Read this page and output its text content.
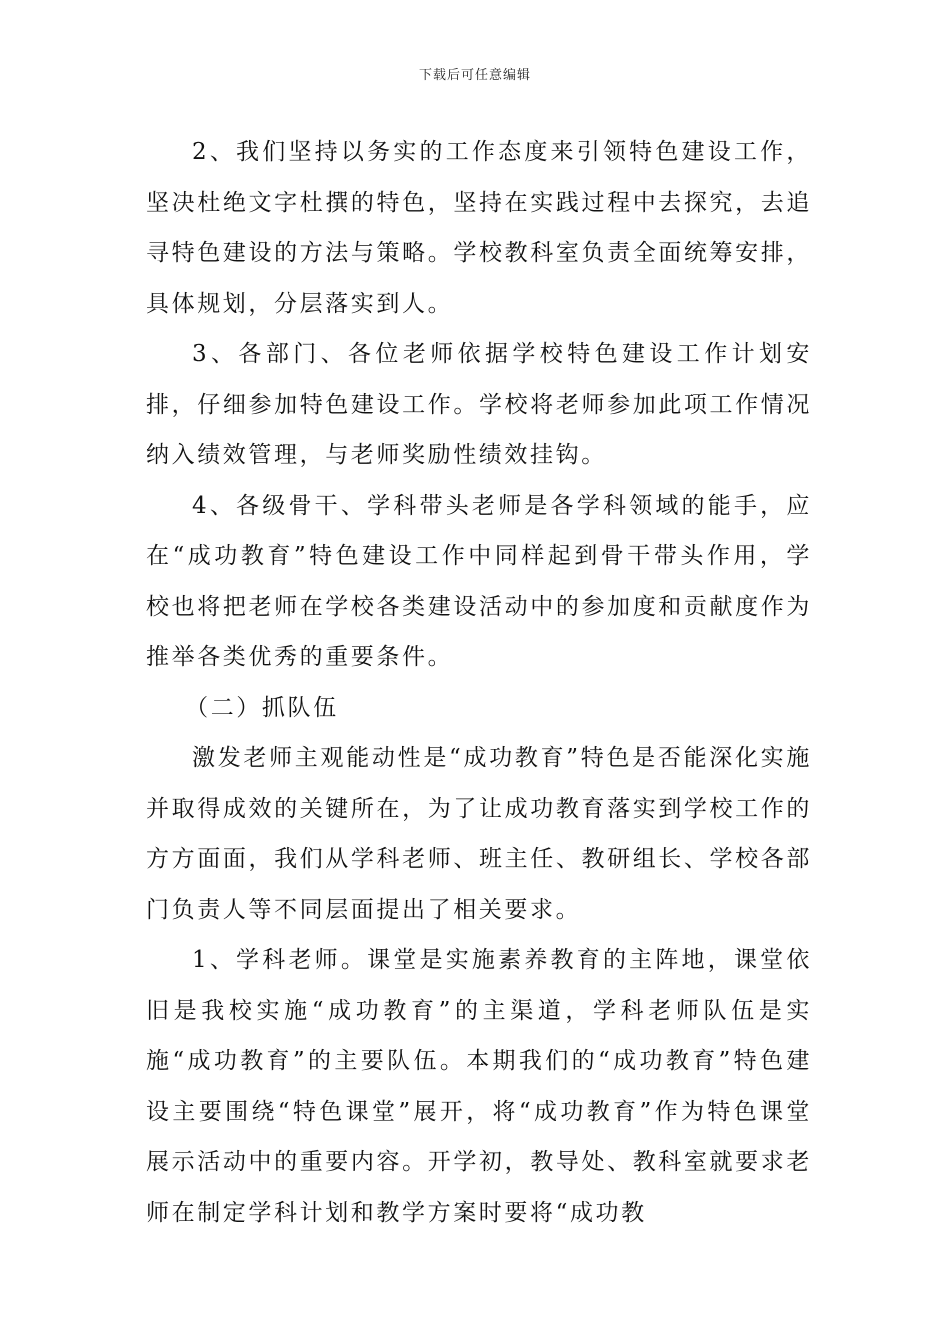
下载后可任意编辑

2、我们坚持以务实的工作态度来引领特色建设工作，坚决杜绝文字杜撰的特色，坚持在实践过程中去探究，去追寻特色建设的方法与策略。学校教科室负责全面统筹安排，具体规划，分层落实到人。

3、各部门、各位老师依据学校特色建设工作计划安排，仔细参加特色建设工作。学校将老师参加此项工作情况纳入绩效管理，与老师奖励性绩效挂钩。

4、各级骨干、学科带头老师是各学科领域的能手，应在“成功教育”特色建设工作中同样起到骨干带头作用，学校也将把老师在学校各类建设活动中的参加度和贡献度作为推举各类优秀的重要条件。

（二）抓队伍

激发老师主观能动性是“成功教育”特色是否能深化实施并取得成效的关键所在，为了让成功教育落实到学校工作的方方面面，我们从学科老师、班主任、教研组长、学校各部门负责人等不同层面提出了相关要求。

1、学科老师。课堂是实施素养教育的主阵地，课堂依旧是我校实施“成功教育”的主渠道，学科老师队伍是实施“成功教育”的主要队伍。本期我们的“成功教育”特色建设主要围绕“特色课堂”展开，将“成功教育”作为特色课堂展示活动中的重要内容。开学初，教导处、教科室就要求老师在制定学科计划和教学方案时要将“成功教
